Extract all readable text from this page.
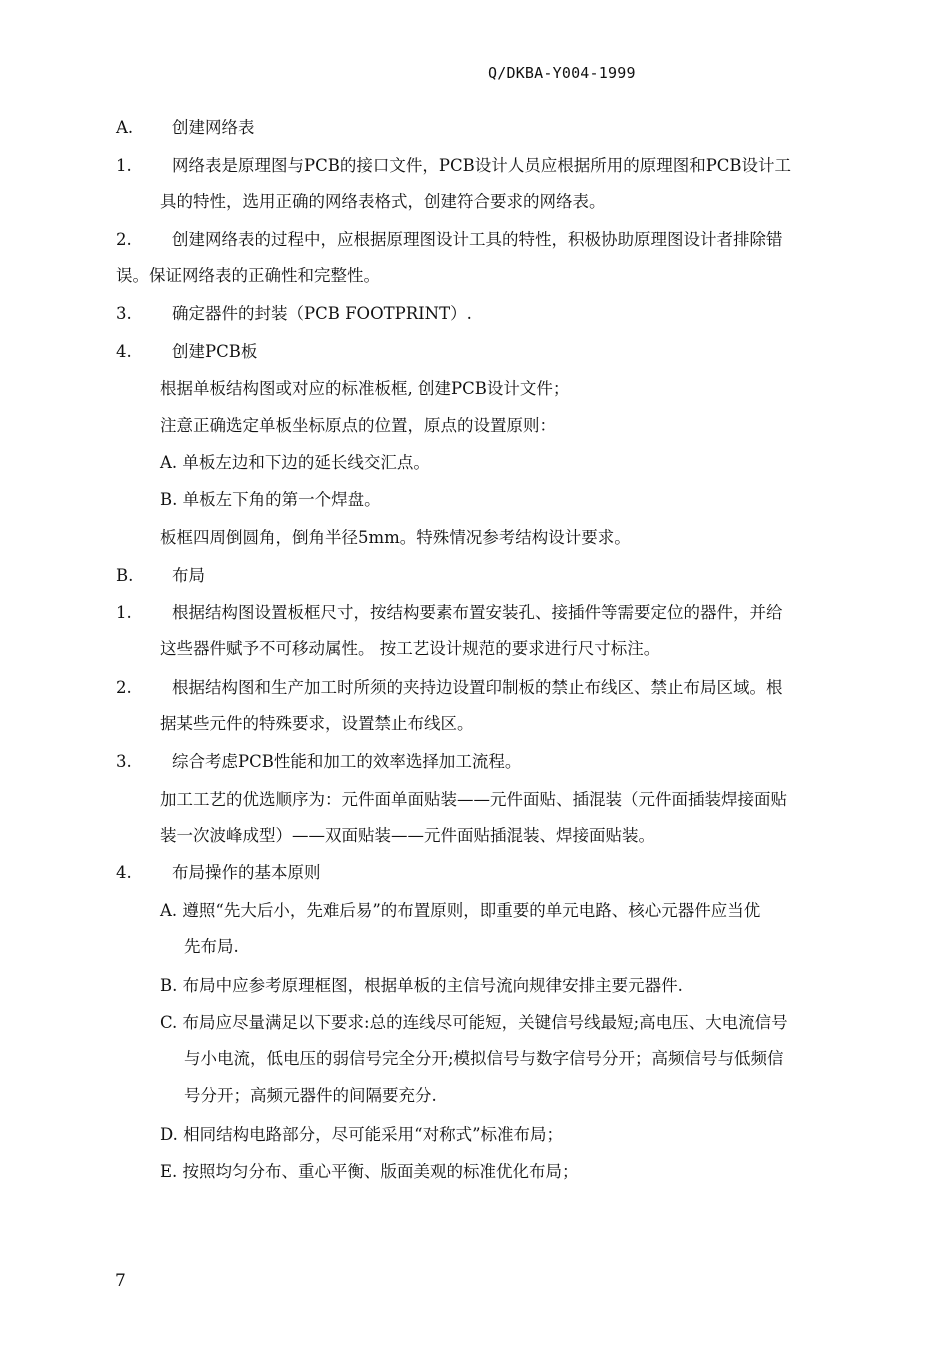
Q/DKBA-Y004-1999
A. 创建网络表
1. 网络表是原理图与PCB的接口文件，PCB设计人员应根据所用的原理图和PCB设计工
具的特性，选用正确的网络表格式，创建符合要求的网络表。
2. 创建网络表的过程中，应根据原理图设计工具的特性，积极协助原理图设计者排除错
误。保证网络表的正确性和完整性。
3. 确定器件的封装（PCB FOOTPRINT）.
4. 创建PCB板
根据单板结构图或对应的标准板框, 创建PCB设计文件；
注意正确选定单板坐标原点的位置，原点的设置原则：
A. 单板左边和下边的延长线交汇点。
B. 单板左下角的第一个焊盘。
板框四周倒圆角，倒角半径5mm。特殊情况参考结构设计要求。
B. 布局
1. 根据结构图设置板框尺寸，按结构要素布置安装孔、接插件等需要定位的器件，并给
这些器件赋予不可移动属性。 按工艺设计规范的要求进行尺寸标注。
2. 根据结构图和生产加工时所须的夹持边设置印制板的禁止布线区、禁止布局区域。根
据某些元件的特殊要求，设置禁止布线区。
3. 综合考虑PCB性能和加工的效率选择加工流程。
加工工艺的优选顺序为：元件面单面贴装——元件面贴、插混装（元件面插装焊接面贴
装一次波峰成型）——双面贴装——元件面贴插混装、焊接面贴装。
4. 布局操作的基本原则
A. 遵照“先大后小，先难后易”的布置原则，即重要的单元电路、核心元器件应当优
先布局.
B. 布局中应参考原理框图，根据单板的主信号流向规律安排主要元器件.
C. 布局应尽量满足以下要求:总的连线尽可能短，关键信号线最短;高电压、大电流信号
与小电流，低电压的弱信号完全分开;模拟信号与数字信号分开；高频信号与低频信
号分开；高频元器件的间隔要充分.
D. 相同结构电路部分，尽可能采用“对称式”标准布局；
E. 按照均匀分布、重心平衡、版面美观的标准优化布局；
7
